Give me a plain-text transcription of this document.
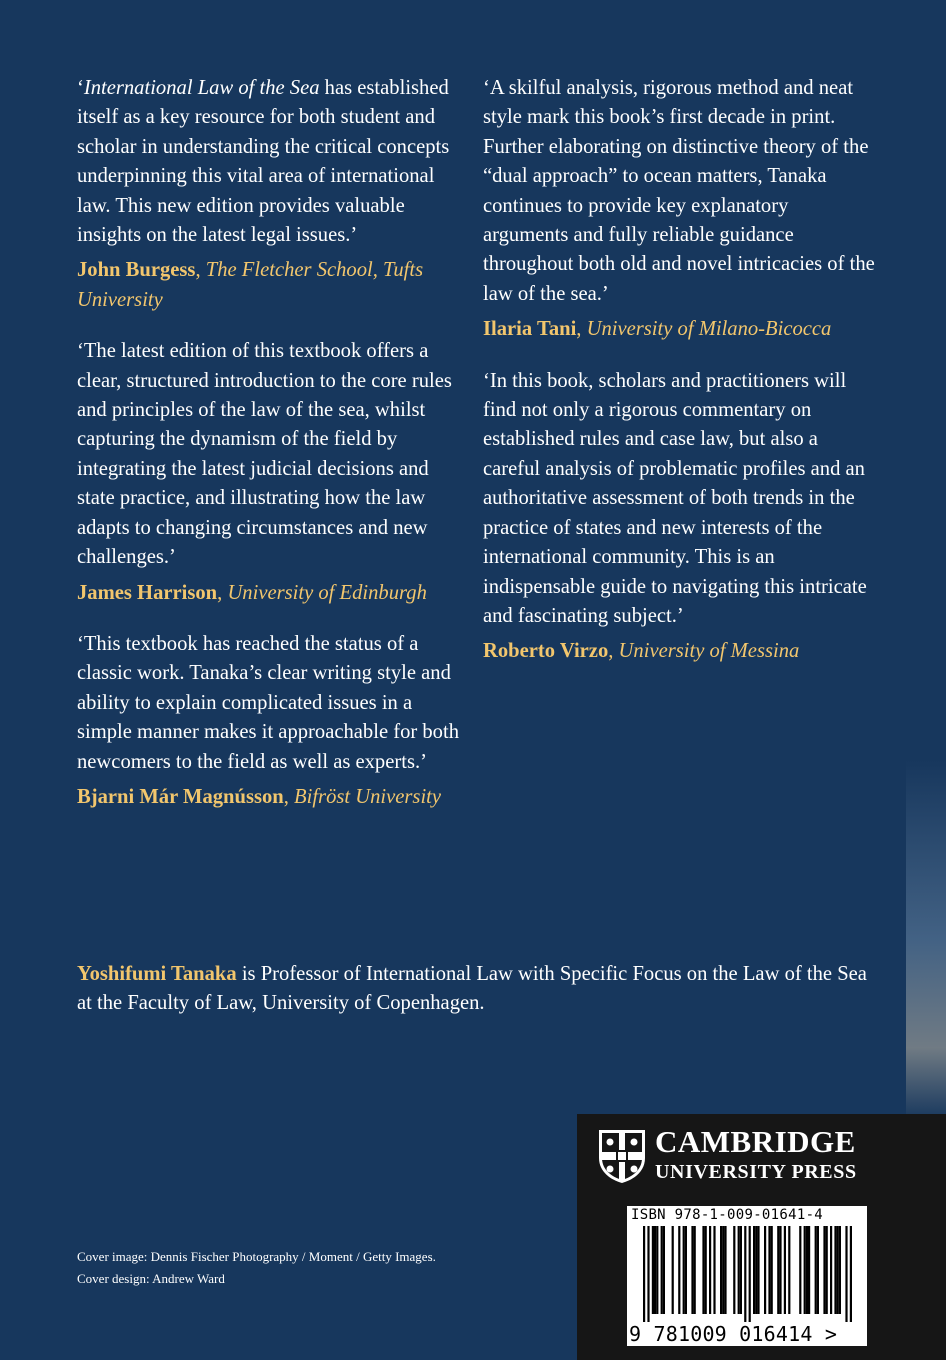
‘International Law of the Sea has established itself as a key resource for both student and scholar in understanding the critical concepts underpinning this vital area of international law. This new edition provides valuable insights on the latest legal issues.’

John Burgess, The Fletcher School, Tufts University

‘The latest edition of this textbook offers a clear, structured introduction to the core rules and principles of the law of the sea, whilst capturing the dynamism of the field by integrating the latest judicial decisions and state practice, and illustrating how the law adapts to changing circumstances and new challenges.’

James Harrison, University of Edinburgh

‘This textbook has reached the status of a classic work. Tanaka’s clear writing style and ability to explain complicated issues in a simple manner makes it approachable for both newcomers to the field as well as experts.’

Bjarni Már Magnússon, Bifröst University

‘A skilful analysis, rigorous method and neat style mark this book’s first decade in print. Further elaborating on distinctive theory of the “dual approach” to ocean matters, Tanaka continues to provide key explanatory arguments and fully reliable guidance throughout both old and novel intricacies of the law of the sea.’

Ilaria Tani, University of Milano-Bicocca

‘In this book, scholars and practitioners will find not only a rigorous commentary on established rules and case law, but also a careful analysis of problematic profiles and an authoritative assessment of both trends in the practice of states and new interests of the international community. This is an indispensable guide to navigating this intricate and fascinating subject.’

Roberto Virzo, University of Messina

Yoshifumi Tanaka is Professor of International Law with Specific Focus on the Law of the Sea at the Faculty of Law, University of Copenhagen.

Cover image: Dennis Fischer Photography / Moment / Getty Images.
Cover design: Andrew Ward
CAMBRIDGE
UNIVERSITY PRESS
ISBN 978-1-009-01641-4
9 781009 016414 >
